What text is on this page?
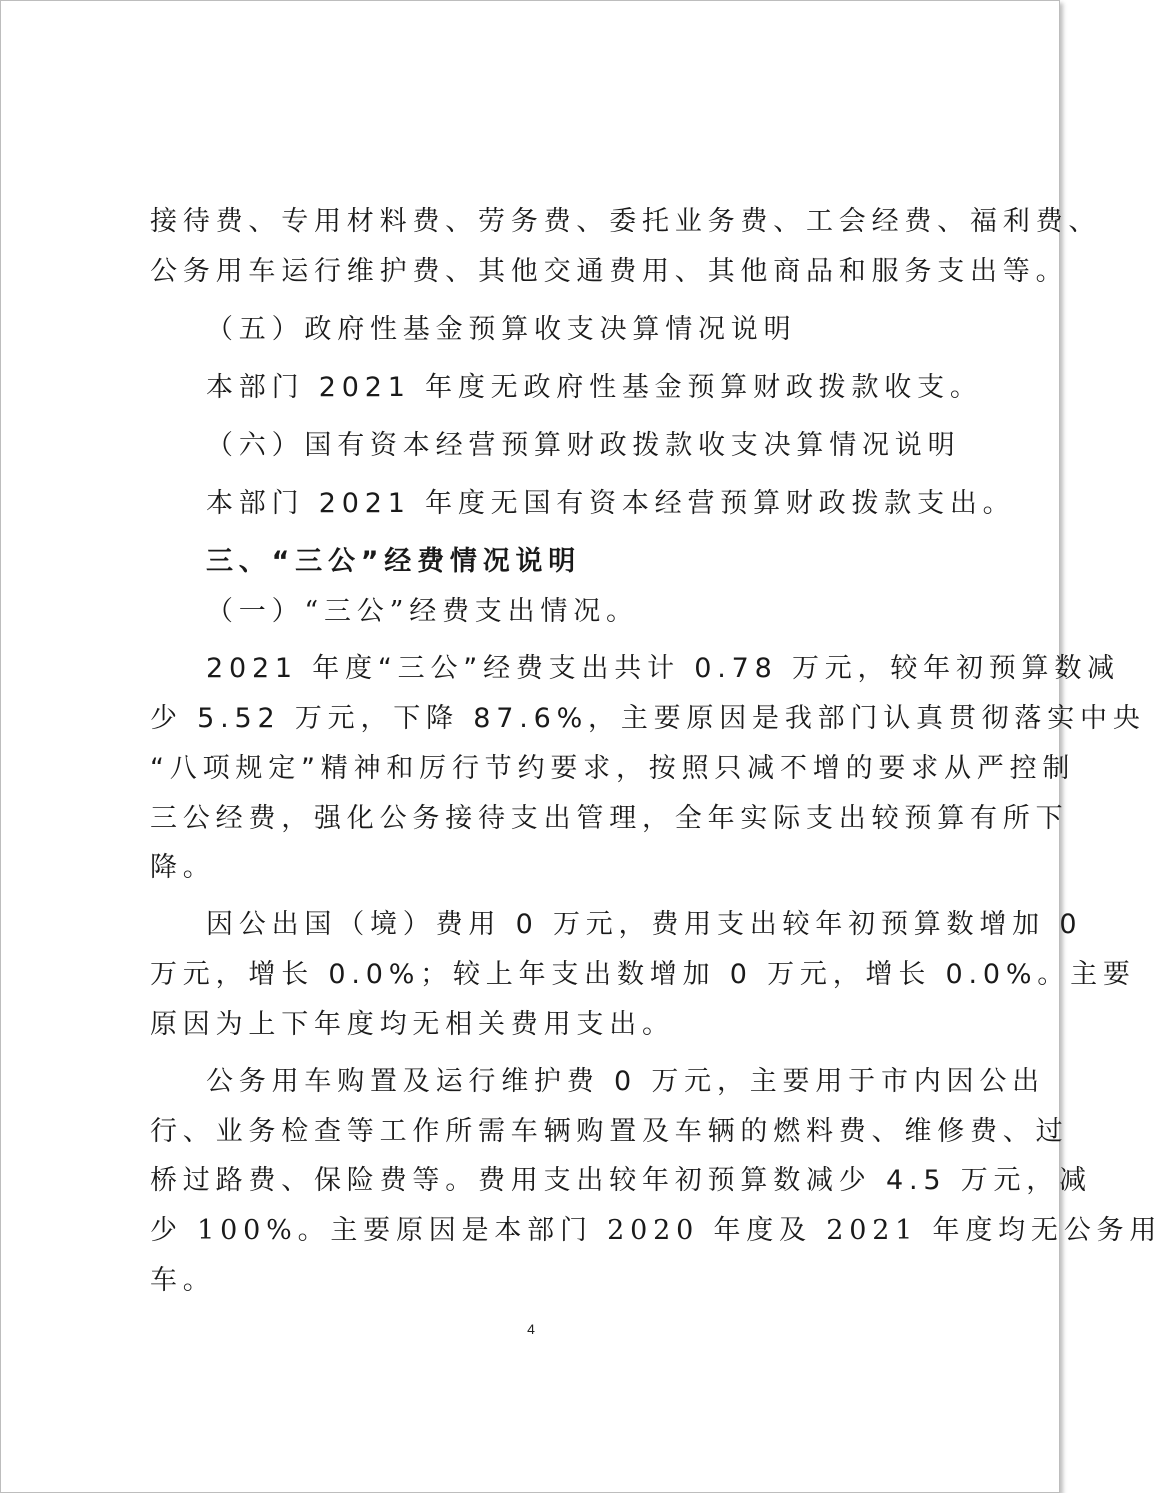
接待费、专用材料费、劳务费、委托业务费、工会经费、福利费、
公务用车运行维护费、其他交通费用、其他商品和服务支出等。
（五）政府性基金预算收支决算情况说明
本部门 2021 年度无政府性基金预算财政拨款收支。
（六）国有资本经营预算财政拨款收支决算情况说明
本部门 2021 年度无国有资本经营预算财政拨款支出。
三、“三公”经费情况说明
（一）“三公”经费支出情况。
2021 年度“三公”经费支出共计 0.78 万元，较年初预算数减
少 5.52 万元，下降 87.6%，主要原因是我部门认真贯彻落实中央
“八项规定”精神和厉行节约要求，按照只减不增的要求从严控制
三公经费，强化公务接待支出管理，全年实际支出较预算有所下
降。
因公出国（境）费用 0 万元，费用支出较年初预算数增加 0
万元，增长 0.0%；较上年支出数增加 0 万元，增长 0.0%。主要
原因为上下年度均无相关费用支出。
公务用车购置及运行维护费 0 万元，主要用于市内因公出
行、业务检查等工作所需车辆购置及车辆的燃料费、维修费、过
桥过路费、保险费等。费用支出较年初预算数减少 4.5 万元，减
少 100%。主要原因是本部门 2020 年度及 2021 年度均无公务用
车。
4
